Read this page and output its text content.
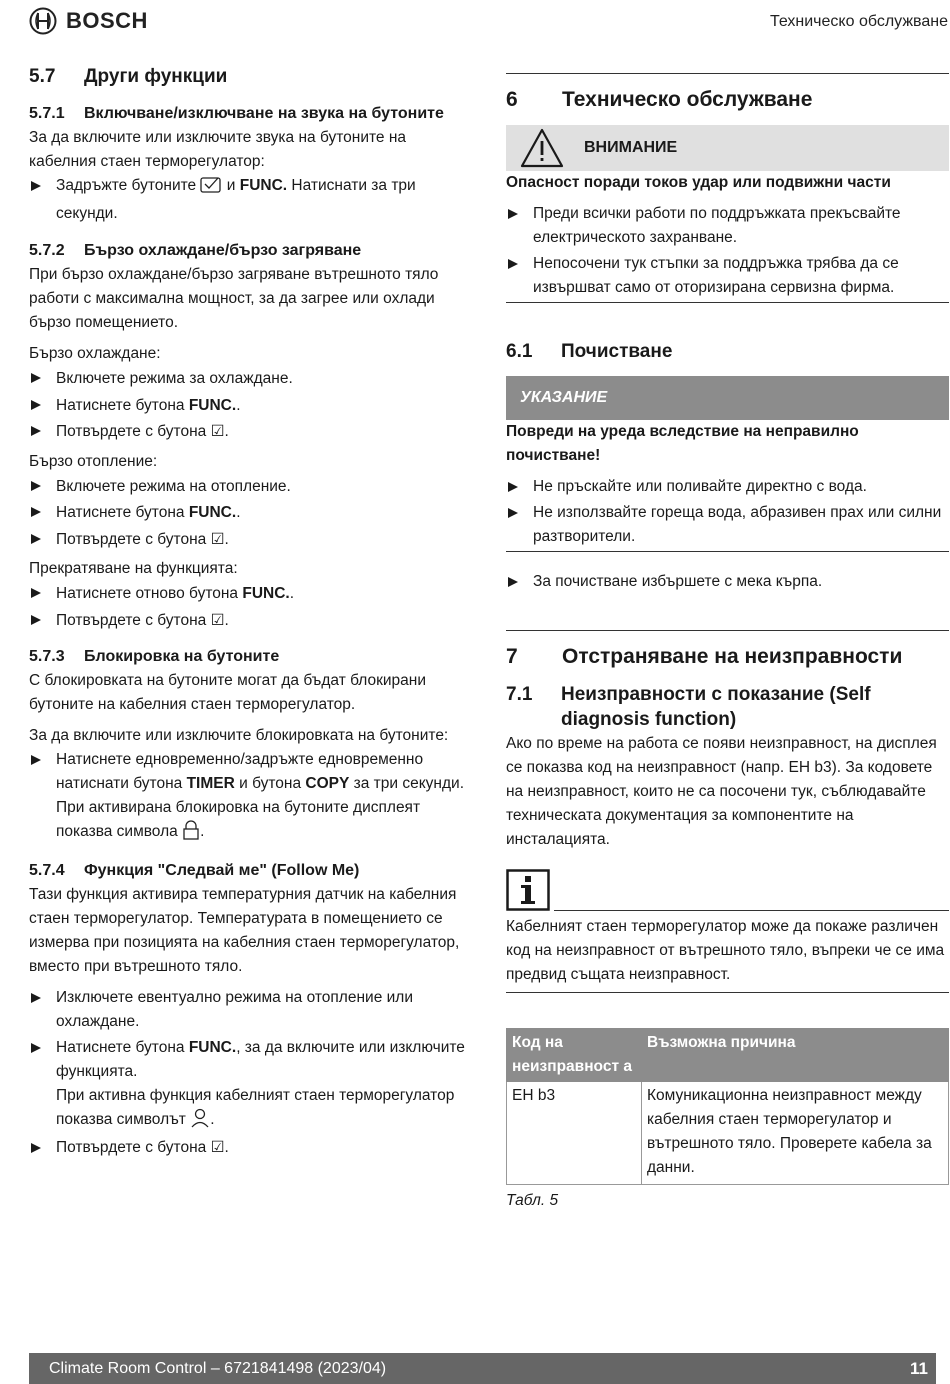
BOSCH	Техническо обслужване
5.7	Други функции
5.7.1	Включване/изключване на звука на бутоните

За да включите или изключите звука на бутоните на кабелния стаен терморегулатор:

Задръжте бутоните  и FUNC. Натиснати за три секунди.
5.7.2	Бързо охлаждане/бързо загряване

При бързо охлаждане/бързо загряване вътрешното тяло работи с максимална мощност, за да загрее или охлади бързо помещението.

Бързо охлаждане:

Включете режима за охлаждане.
Натиснете бутона FUNC..
Потвърдете с бутона ☑.

Бързо отопление:

Включете режима на отопление.
Натиснете бутона FUNC..
Потвърдете с бутона ☑.

Прекратяване на функцията:

Натиснете отново бутона FUNC..
Потвърдете с бутона ☑.
5.7.3	Блокировка на бутоните

С блокировката на бутоните могат да бъдат блокирани бутоните на кабелния стаен терморегулатор.

За да включите или изключите блокировката на бутоните:

Натиснете едновременно/задръжте едновременно натиснати бутона TIMER и бутона COPY за три секунди. При активирана блокировка на бутоните дисплеят показва символа .
5.7.4	Функция "Следвай ме" (Follow Me)

Тази функция активира температурния датчик на кабелния стаен терморегулатор. Температурата в помещението се измерва при позицията на кабелния стаен терморегулатор, вместо при вътрешното тяло.

Изключете евентуално режима на отопление или охлаждане.
Натиснете бутона FUNC., за да включите или изключите функцията.
При активна функция кабелният стаен терморегулатор показва символът .
Потвърдете с бутона ☑.
6	Техническо обслужване
ВНИМАНИЕ

Опасност поради токов удар или подвижни части

Преди всички работи по поддръжката прекъсвайте електрическото захранване.
Непосочени тук стъпки за поддръжка трябва да се извършват само от оторизирана сервизна фирма.
6.1	Почистване
УКАЗАНИЕ

Повреди на уреда вследствие на неправилно почистване!

Не пръскайте или поливайте директно с вода.
Не използвайте гореща вода, абразивен прах или силни разтворители.
За почистване избършете с мека кърпа.
7	Отстраняване на неизправности
7.1	Неизправности с показание (Self diagnosis function)

Ако по време на работа се появи неизправност, на дисплея се показва код на неизправност (напр. EH b3). За кодовете на неизправност, които не са посочени тук, съблюдавайте техническата документация за компонентите на инсталацията.

Кабелният стаен терморегулатор може да покаже различен код на неизправност от вътрешното тяло, въпреки че се има предвид същата неизправност.

Код на неизправност а	Възможна причина
EH b3	Комуникационна неизправност между кабелния стаен терморегулатор и вътрешното тяло. Проверете кабела за данни.

Табл. 5

Climate Room Control – 6721841498 (2023/04)	11
